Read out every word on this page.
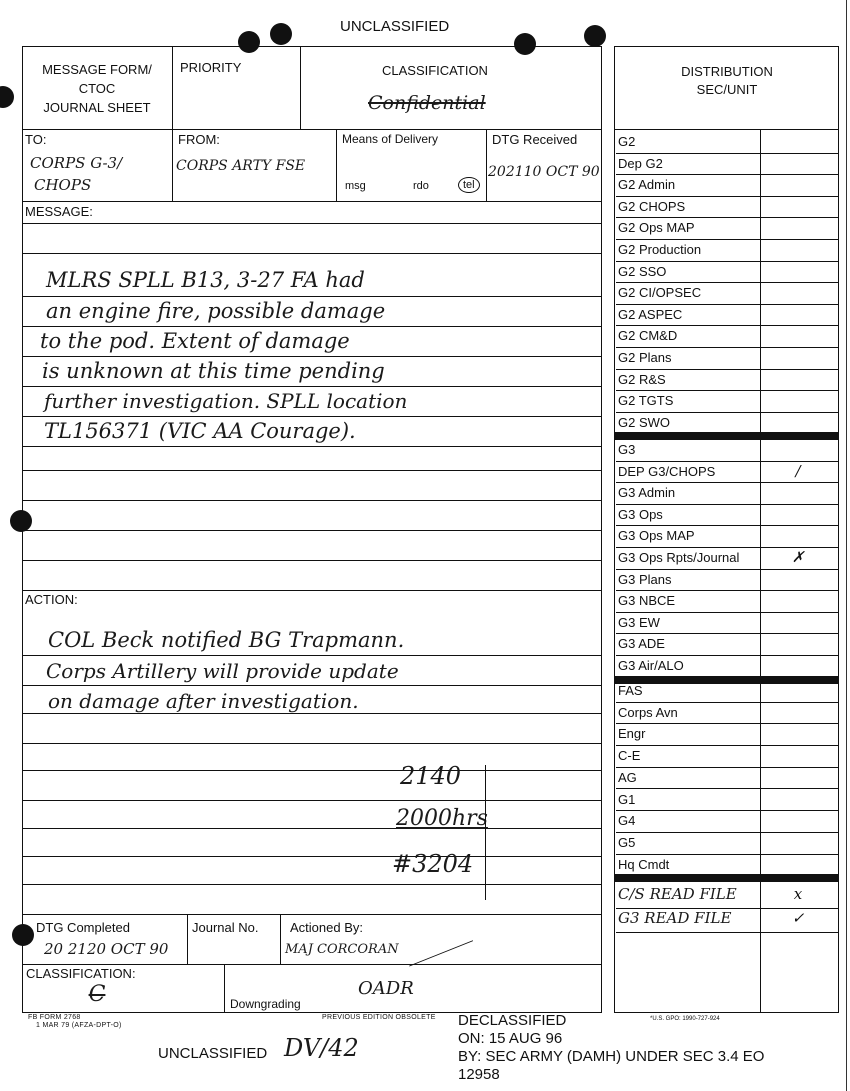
UNCLASSIFIED
MESSAGE FORM/
CTOC
JOURNAL SHEET
PRIORITY	CLASSIFICATION
Confidential
TO:
CORPS G-3/
CHOPS
FROM:
CORPS ARTY FSE
Means of Delivery
msg	rdo	tel
DTG Received
202110 OCT 90
MESSAGE:
MLRS SPLL B13, 3-27 FA had
an engine fire, possible damage
to the pod. Extent of damage
is unknown at this time pending
further investigation. SPLL location
TL156371 (VIC AA Courage).
ACTION:
COL Beck notified BG Trapmann.
Corps Artillery will provide update
on damage after investigation.
2140
2000hrs
#3204
DTG Completed
20 2120 OCT 90
Journal No. Actioned By:
MAJ CORCORAN
CLASSIFICATION:
C	OADR
Downgrading
FB FORM 2768
1 MAR 79 (AFZA-DPT-O)
PREVIOUS EDITION OBSOLETE
DISTRIBUTION
SEC/UNIT
G2
Dep G2
G2 Admin
G2 CHOPS
G2 Ops MAP
G2 Production
G2 SSO
G2 CI/OPSEC
G2 ASPEC
G2 CM&D
G2 Plans
G2 R&S
G2 TGTS
G2 SWO
G3
DEP G3/CHOPS	/
G3 Admin
G3 Ops
G3 Ops MAP
G3 Ops Rpts/Journal	✗
G3 Plans
G3 NBCE
G3 EW
G3 ADE
G3 Air/ALO
FAS
Corps Avn
Engr
C-E
AG
G1
G4
G5
Hq Cmdt
C/S READ FILE	x
G3 READ FILE	✓
*U.S. GPO: 1990-727-924
UNCLASSIFIED DV/42
DECLASSIFIED
ON: 15 AUG 96
BY: SEC ARMY (DAMH) UNDER SEC 3.4 EO
12958
